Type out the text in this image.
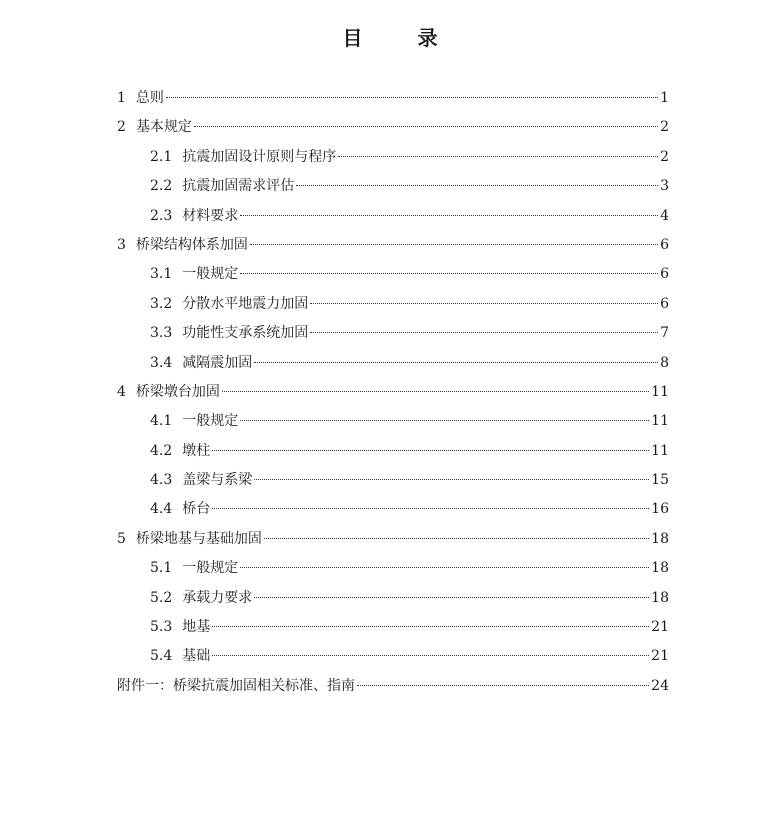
目 录
1 总则	1
2 基本规定	2
2.1 抗震加固设计原则与程序	2
2.2 抗震加固需求评估	3
2.3 材料要求	4
3 桥梁结构体系加固	6
3.1 一般规定	6
3.2 分散水平地震力加固	6
3.3 功能性支承系统加固	7
3.4 减隔震加固	8
4 桥梁墩台加固	11
4.1 一般规定	11
4.2 墩柱	11
4.3 盖梁与系梁	15
4.4 桥台	16
5 桥梁地基与基础加固	18
5.1 一般规定	18
5.2 承载力要求	18
5.3 地基	21
5.4 基础	21
附件一：桥梁抗震加固相关标准、指南	24
